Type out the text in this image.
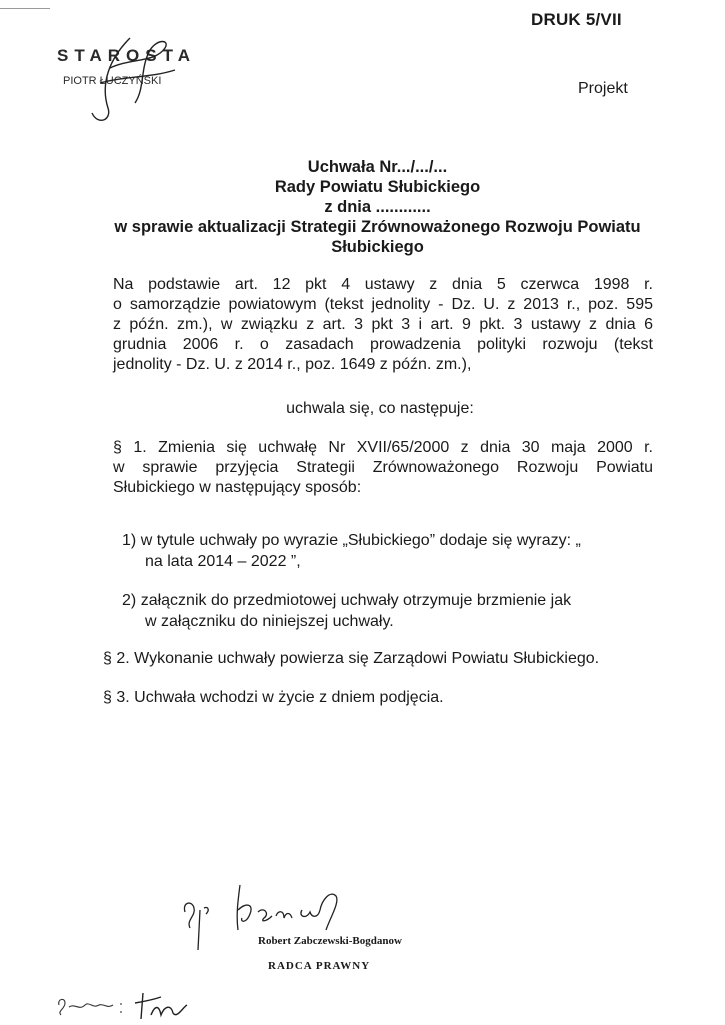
DRUK 5/VII
Projekt
STAROSTA
PIOTR ŁUCZYŃSKI
Uchwała Nr.../.../...
Rady Powiatu Słubickiego
z dnia ............
w sprawie aktualizacji Strategii Zrównoważonego Rozwoju Powiatu
Słubickiego
Na podstawie art. 12 pkt 4 ustawy z dnia 5 czerwca 1998 r.
o samorządzie powiatowym (tekst jednolity - Dz. U. z 2013 r., poz. 595
z późn. zm.), w związku z art. 3 pkt 3 i art. 9 pkt. 3 ustawy z dnia 6
grudnia 2006 r. o zasadach prowadzenia polityki rozwoju (tekst
jednolity - Dz. U. z 2014 r., poz. 1649 z późn. zm.),
uchwala się, co następuje:
§ 1. Zmienia się uchwałę Nr XVII/65/2000 z dnia 30 maja 2000 r.
w sprawie przyjęcia Strategii Zrównoważonego Rozwoju Powiatu
Słubickiego w następujący sposób:
1) w tytule uchwały po wyrazie „Słubickiego” dodaje się wyrazy: „
na lata 2014 – 2022 ”,
2) załącznik do przedmiotowej uchwały otrzymuje brzmienie jak
w załączniku do niniejszej uchwały.
§ 2. Wykonanie uchwały powierza się Zarządowi Powiatu Słubickiego.
§ 3. Uchwała wchodzi w życie z dniem podjęcia.
Robert Zabczewski-Bogdanow
RADCA PRAWNY
